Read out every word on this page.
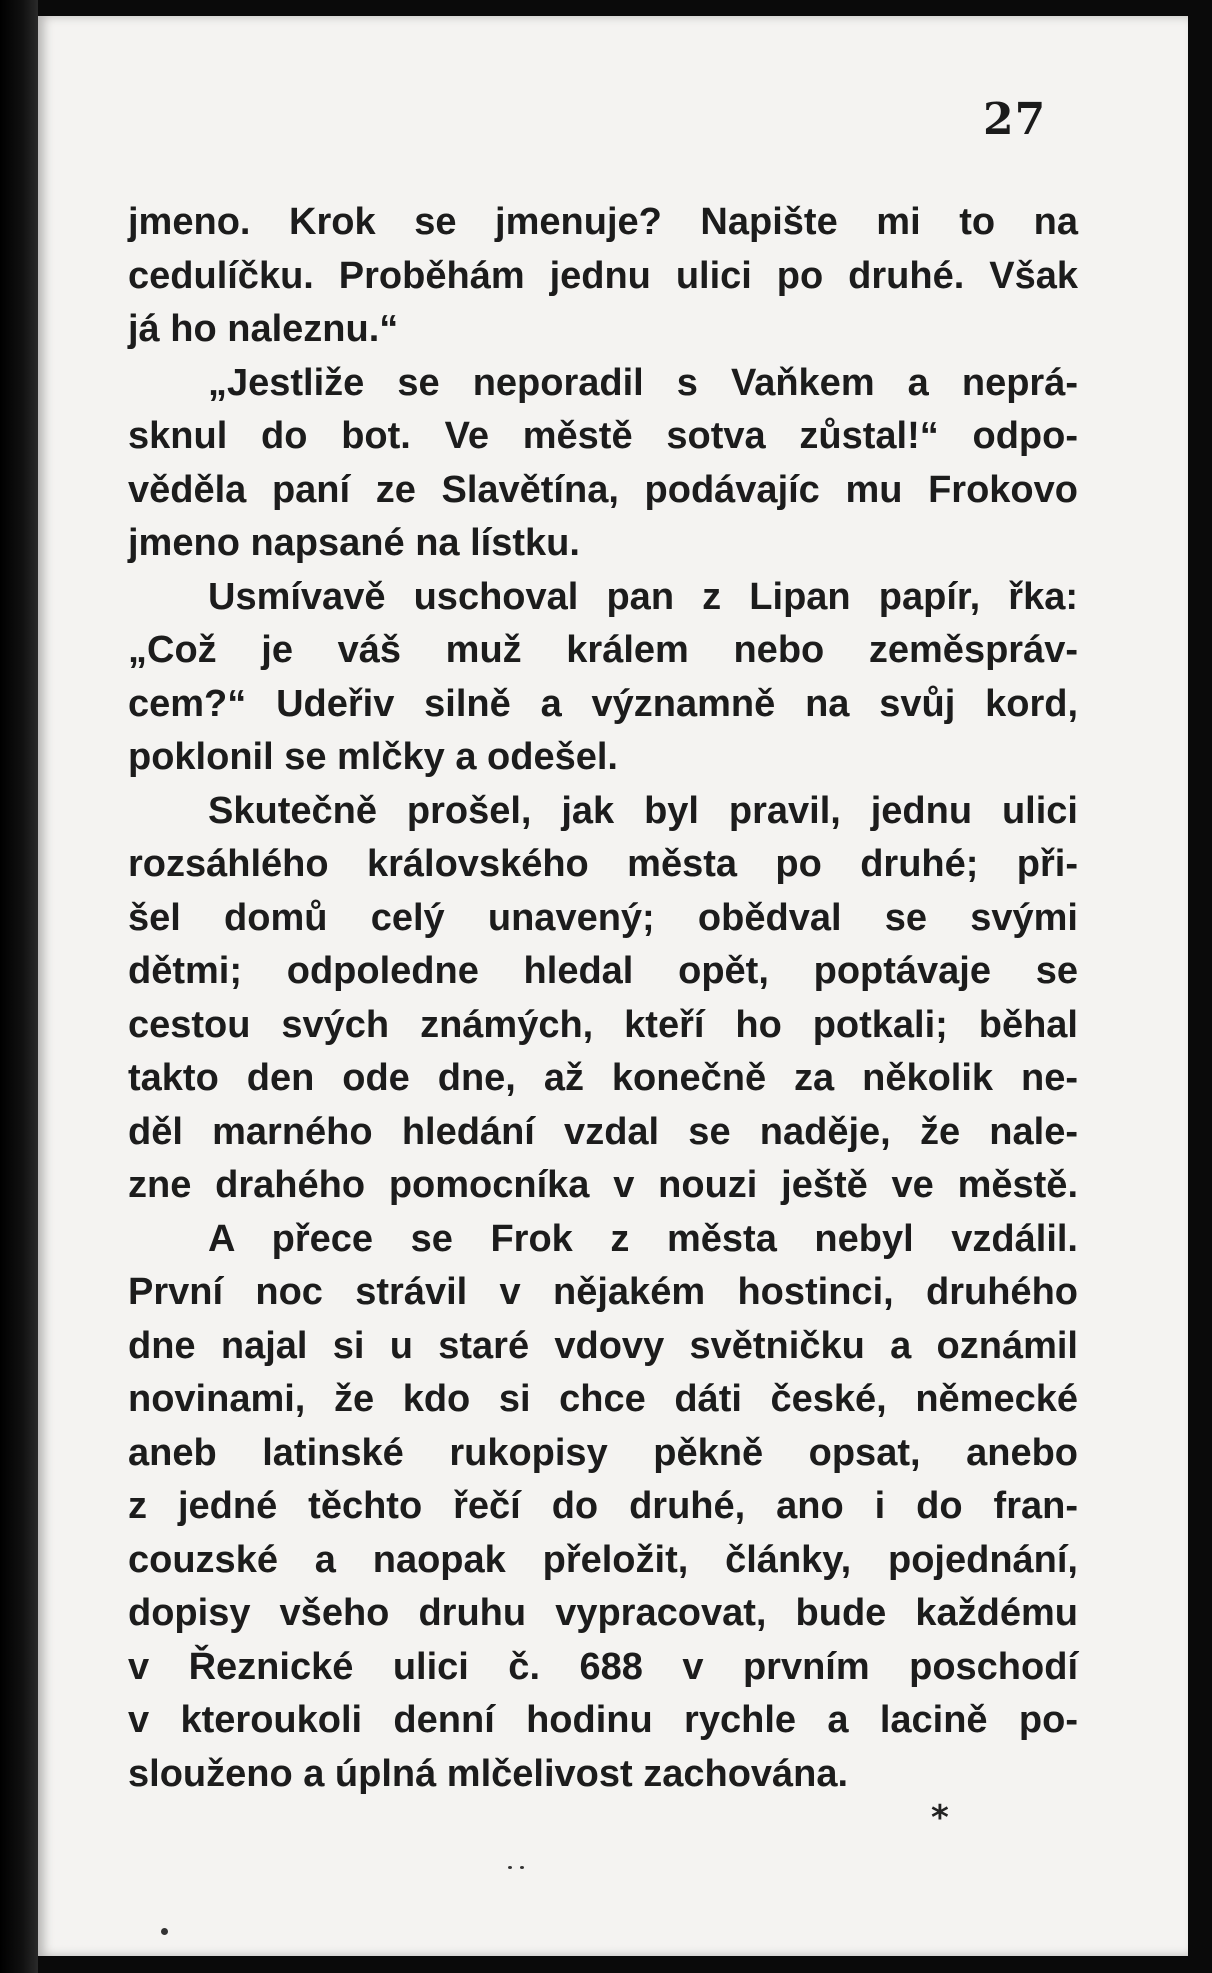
27
jmeno. Krok se jmenuje? Napište mi to na
cedulíčku. Proběhám jednu ulici po druhé. Však
já ho naleznu.“
„Jestliže se neporadil s Vaňkem a neprá-
sknul do bot. Ve městě sotva zůstal!“ odpo-
věděla paní ze Slavětína, podávajíc mu Frokovo
jmeno napsané na lístku.
Usmívavě uschoval pan z Lipan papír, řka:
„Což je váš muž králem nebo zeměspráv-
cem?“ Udeřiv silně a významně na svůj kord,
poklonil se mlčky a odešel.
Skutečně prošel, jak byl pravil, jednu ulici
rozsáhlého královského města po druhé; při-
šel domů celý unavený; obědval se svými
dětmi; odpoledne hledal opět, poptávaje se
cestou svých známých, kteří ho potkali; běhal
takto den ode dne, až konečně za několik ne-
děl marného hledání vzdal se naděje, že nale-
zne drahého pomocníka v nouzi ještě ve městě.
A přece se Frok z města nebyl vzdálil.
První noc strávil v nějakém hostinci, druhého
dne najal si u staré vdovy světničku a oznámil
novinami, že kdo si chce dáti české, německé
aneb latinské rukopisy pěkně opsat, anebo
z jedné těchto řečí do druhé, ano i do fran-
couzské a naopak přeložit, články, pojednání,
dopisy všeho druhu vypracovat, bude každému
v Řeznické ulici č. 688 v prvním poschodí
v kteroukoli denní hodinu rychle a lacině po-
slouženo a úplná mlčelivost zachována.
*
